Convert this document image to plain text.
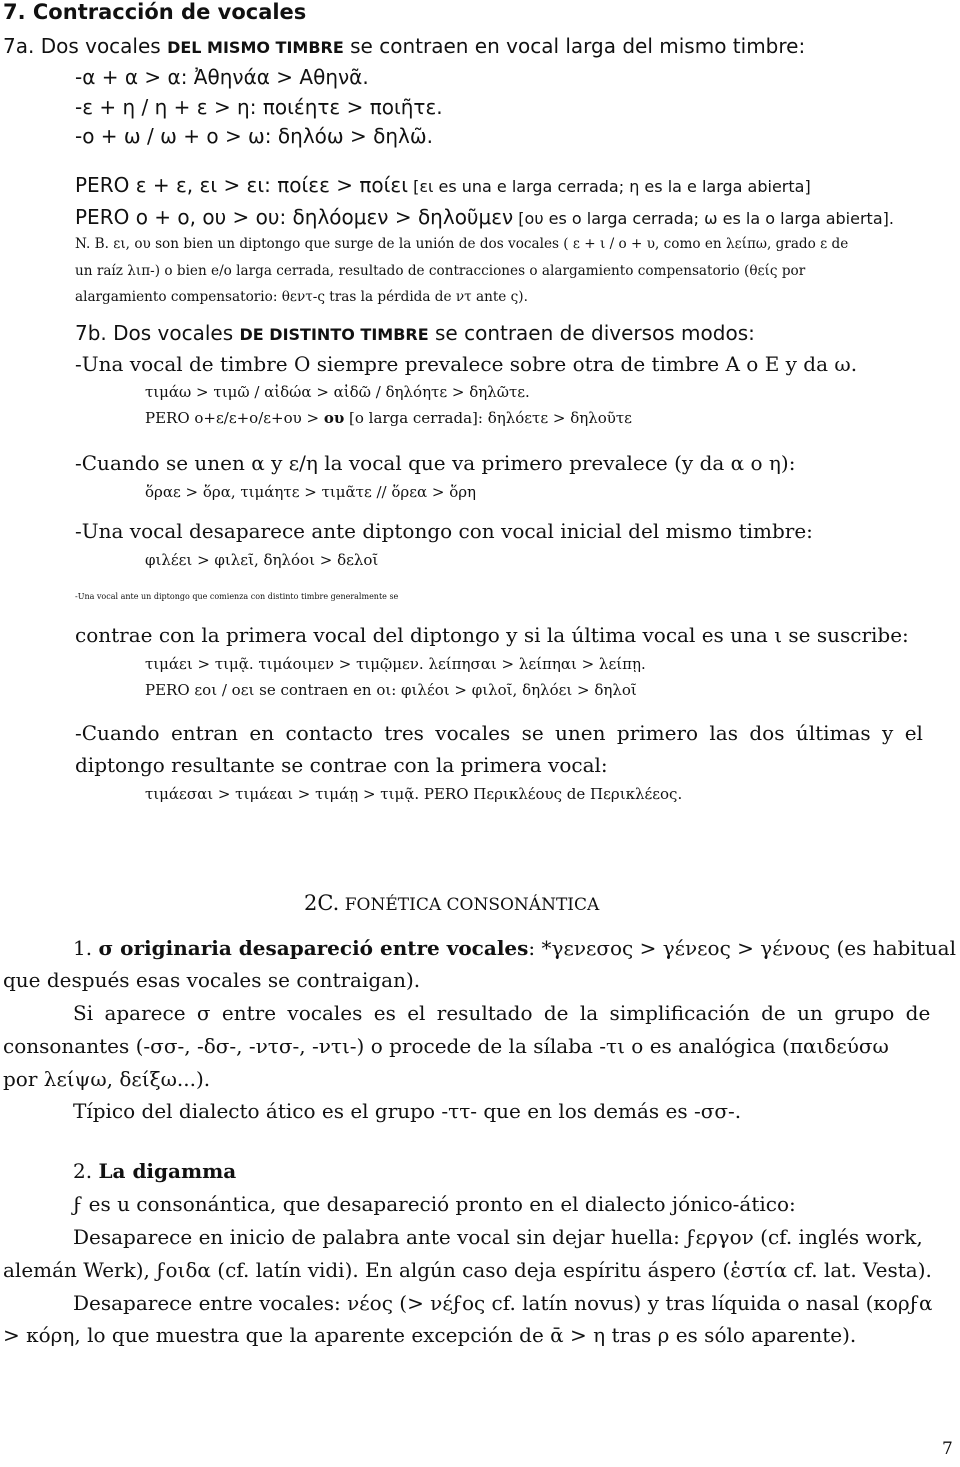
7. Contracción de vocales
7a. Dos vocales DEL MISMO TIMBRE se contraen en vocal larga del mismo timbre:
-α + α > α: Ἀθηνάα > Αθηνᾶ.
-ε + η / η + ε > η: ποιέητε > ποιῆτε.
-ο + ω / ω + ο > ω: δηλόω > δηλῶ.
PERO ε + ε, ει > ει: ποίεε > ποίει [ει es una e larga cerrada; η es la e larga abierta]
PERO ο + ο, ου > ου: δηλόομεν > δηλοῦμεν [ου es o larga cerrada; ω es la o larga abierta].
N. B. ει, ου son bien un diptongo que surge de la unión de dos vocales ( ε + ι / ο + υ, como en λείπω, grado ε de
un raíz λιπ-) o bien e/o larga cerrada, resultado de contracciones o alargamiento compensatorio (θείς por
alargamiento compensatorio: θεντ-ς tras la pérdida de ντ ante ς).
7b. Dos vocales DE DISTINTO TIMBRE se contraen de diversos modos:
-Una vocal de timbre O siempre prevalece sobre otra de timbre A o E y da ω.
τιμάω > τιμῶ / αἰδώα > αἰδῶ / δηλόητε > δηλῶτε.
PERO ο+ε/ε+ο/ε+ου > ου [o larga cerrada]: δηλόετε > δηλοῦτε
-Cuando se unen α y ε/η la vocal que va primero prevalece (y da α o η):
ὅραε > ὅρα, τιμάητε > τιμᾶτε // ὅρεα > ὅρη
-Una vocal desaparece ante diptongo con vocal inicial del mismo timbre:
φιλέει > φιλεῖ, δηλόοι > δελοῖ
-Una vocal ante un diptongo que comienza con distinto timbre generalmente se
contrae con la primera vocal del diptongo y si la última vocal es una ι se suscribe:
τιμάει > τιμᾷ. τιμάοιμεν > τιμῷμεν. λείπησαι > λείπηαι > λείπῃ.
PERO εοι / οει se contraen en οι: φιλέοι > φιλοῖ, δηλόει > δηλοῖ
-Cuando entran en contacto tres vocales se unen primero las dos últimas y el
diptongo resultante se contrae con la primera vocal:
τιμάεσαι > τιμάεαι > τιμάῃ > τιμᾷ. PERO Περικλέους de Περικλέεος.
2C. FONÉTICA CONSONÁNTICA
1. σ originaria desapareció entre vocales: *γενεσος > γένεος > γένους (es habitual
que después esas vocales se contraigan).
Si aparece σ entre vocales es el resultado de la simplificación de un grupo de
consonantes (-σσ-, -δσ-, -ντσ-, -ντι-) o procede de la sílaba -τι o es analógica (παιδεύσω
por λείψω, δείξω...).
Típico del dialecto ático es el grupo -ττ- que en los demás es -σσ-.
2. La digamma
ϝ es u consonántica, que desapareció pronto en el dialecto jónico-ático:
Desaparece en inicio de palabra ante vocal sin dejar huella: ϝεργον (cf. inglés work,
alemán Werk), ϝοιδα (cf. latín vidi). En algún caso deja espíritu áspero (ἑστία cf. lat. Vesta).
Desaparece entre vocales: νέος (> νέϝος cf. latín novus) y tras líquida o nasal (κορϝα
> κόρη, lo que muestra que la aparente excepción de ᾱ > η tras ρ es sólo aparente).
7
